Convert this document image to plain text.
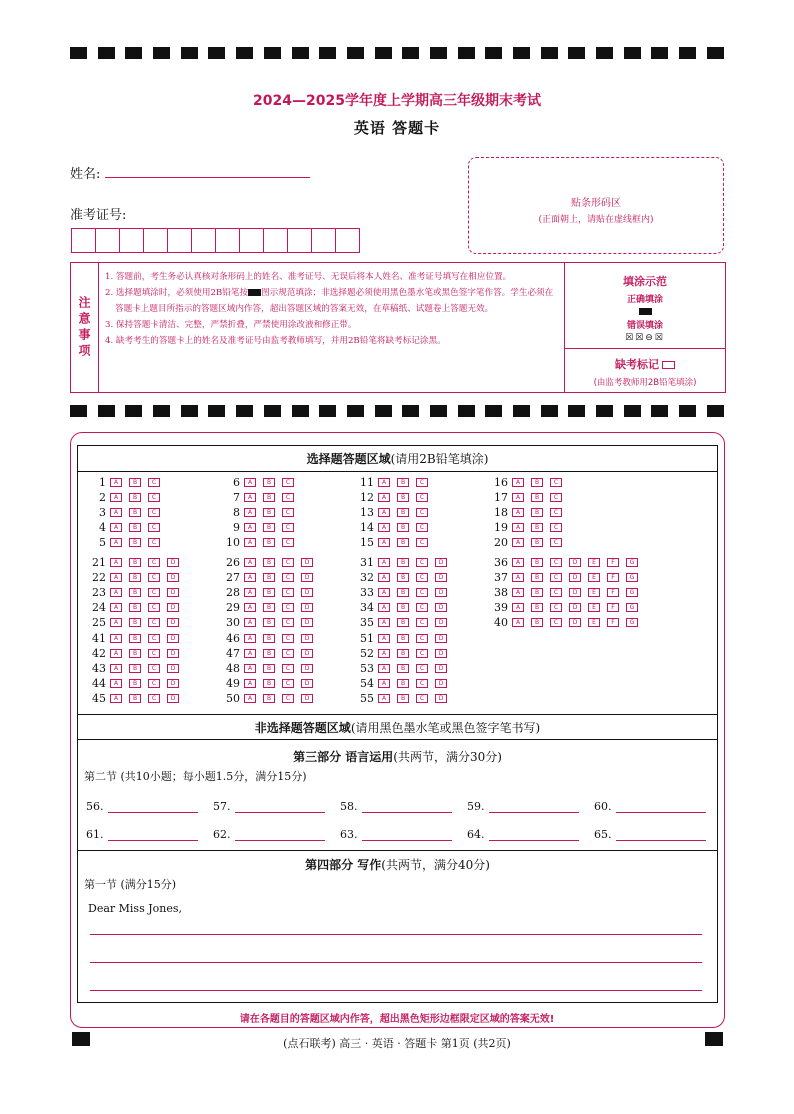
2024—2025学年度上学期高三年级期末考试
英语 答题卡
姓名:
准考证号:
贴条形码区
(正面朝上，请贴在虚线框内)
注意事项

1. 答题前，考生务必认真核对条形码上的姓名、准考证号、无误后将本人姓名、准考证号填写在相应位置。

2. 选择题填涂时，必须使用2B铅笔按 图示规范填涂；非选择题必须使用黑色墨水笔或黑色签字笔作答。学生必须在答题卡上题目所指示的答题区域内作答，超出答题区域的答案无效，在草稿纸、试题卷上答题无效。

3. 保持答题卡清洁、完整，严禁折叠，严禁使用涂改液和修正带。

4. 缺考考生的答题卡上的姓名及准考证号由监考教师填写，并用2B铅笔将缺考标记涂黑。

填涂示范
正确填涂
错误填涂
☒☒⊖☒
缺考标记
(由监考教师用2B铅笔填涂)
选择题答题区域(请用2B铅笔填涂)
1	A	B	C
2	A	B	C
3	A	B	C
4	A	B	C
5	A	B	C
6	A	B	C
7	A	B	C
8	A	B	C
9	A	B	C
10	A	B	C
11	A	B	C
12	A	B	C
13	A	B	C
14	A	B	C
15	A	B	C
16	A	B	C
17	A	B	C
18	A	B	C
19	A	B	C
20	A	B	C
21	A	B	C	D
22	A	B	C	D
23	A	B	C	D
24	A	B	C	D
25	A	B	C	D
26	A	B	C	D
27	A	B	C	D
28	A	B	C	D
29	A	B	C	D
30	A	B	C	D
31	A	B	C	D
32	A	B	C	D
33	A	B	C	D
34	A	B	C	D
35	A	B	C	D
36	A	B	C	D	E	F	G
37	A	B	C	D	E	F	G
38	A	B	C	D	E	F	G
39	A	B	C	D	E	F	G
40	A	B	C	D	E	F	G
41	A	B	C	D
42	A	B	C	D
43	A	B	C	D
44	A	B	C	D
45	A	B	C	D
46	A	B	C	D
47	A	B	C	D
48	A	B	C	D
49	A	B	C	D
50	A	B	C	D
51	A	B	C	D
52	A	B	C	D
53	A	B	C	D
54	A	B	C	D
55	A	B	C	D
非选择题答题区域(请用黑色墨水笔或黑色签字笔书写)
第三部分 语言运用(共两节，满分30分)
第二节 (共10小题；每小题1.5分，满分15分)
56.	57.	58.	59.	60.
61.	62.	63.	64.	65.
第四部分 写作(共两节，满分40分)
第一节 (满分15分)
Dear Miss Jones,
请在各题目的答题区域内作答，超出黑色矩形边框限定区域的答案无效!
(点石联考) 高三 · 英语 · 答题卡 第1页 (共2页)
